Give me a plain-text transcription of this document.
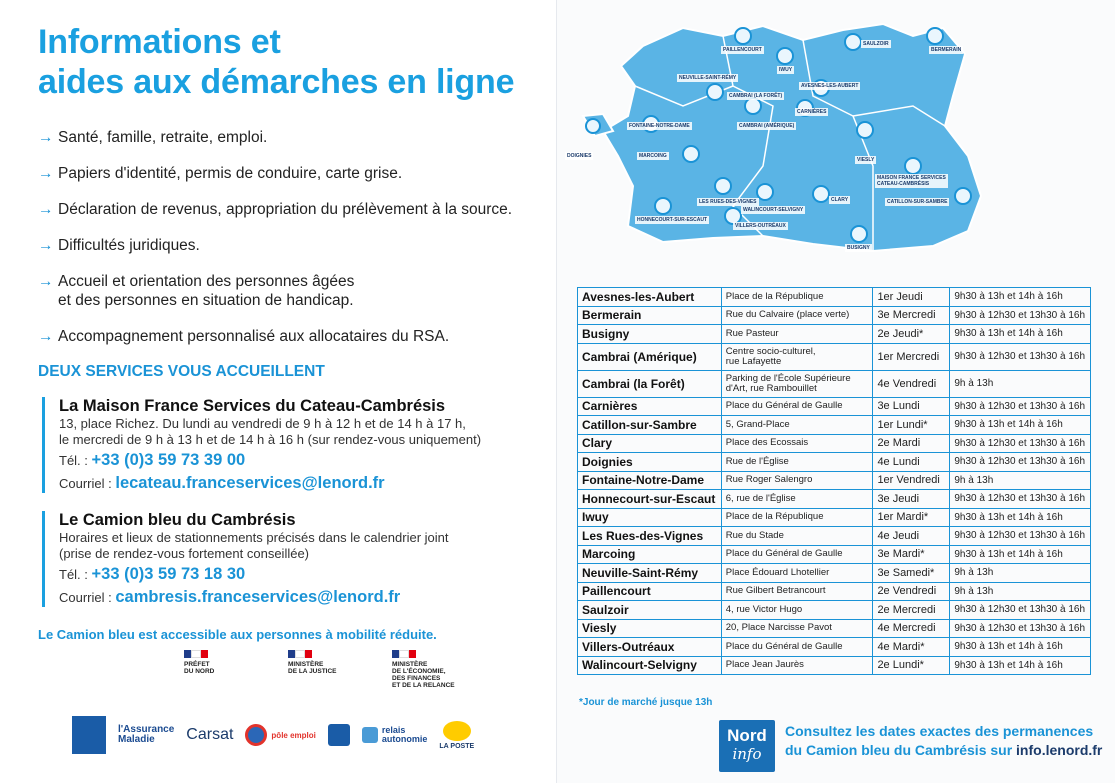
Informations et
aides aux démarches en ligne
→ Santé, famille, retraite, emploi.
→ Papiers d'identité, permis de conduire, carte grise.
→ Déclaration de revenus, appropriation du prélèvement à la source.
→ Difficultés juridiques.
→ Accueil et orientation des personnes âgées
et des personnes en situation de handicap.
→ Accompagnement personnalisé aux allocataires du RSA.
DEUX SERVICES VOUS ACCUEILLENT
La Maison France Services du Cateau-Cambrésis
13, place Richez. Du lundi au vendredi de 9 h à 12 h et de 14 h à 17 h,
le mercredi de 9 h à 13 h et de 14 h à 16 h (sur rendez-vous uniquement)
Tél. : +33 (0)3 59 73 39 00
Courriel : lecateau.franceservices@lenord.fr
Le Camion bleu du Cambrésis
Horaires et lieux de stationnements précisés dans le calendrier joint
(prise de rendez-vous fortement conseillée)
Tél. : +33 (0)3 59 73 18 30
Courriel : cambresis.franceservices@lenord.fr
Le Camion bleu est accessible aux personnes à mobilité réduite.
PRÉFET
DU NORD
MINISTÈRE
DE LA JUSTICE
MINISTÈRE
DE L'ÉCONOMIE,
DES FINANCES
ET DE LA RELANCE
l'Assurance
Maladie	Carsat	pôle emploi	relais
autonomie
LA POSTE
PAILLENCOURT
IWUY
SAULZOIR
BERMERAIN
NEUVILLE-SAINT-RÉMY
AVESNES-LES-AUBERT
CAMBRAI (LA FORÊT)
CARNIÈRES
FONTAINE-NOTRE-DAME	CAMBRAI (AMÉRIQUE)
VIESLY
DOIGNIES	MARCOING
MAISON FRANCE SERVICES
CATEAU-CAMBRÉSIS
LES RUES-DES-VIGNES	CLARY	CATILLON-SUR-SAMBRE
WALINCOURT-SELVIGNY
HONNECOURT-SUR-ESCAUT
VILLERS-OUTRÉAUX
BUSIGNY
Avesnes-les-Aubert	Place de la République	1er Jeudi	9h30 à 13h et 14h à 16h
Bermerain	Rue du Calvaire (place verte)	3e Mercredi	9h30 à 12h30 et 13h30 à 16h
Busigny	Rue Pasteur	2e Jeudi*	9h30 à 13h et 14h à 16h
Cambrai (Amérique)	Centre socio-culturel,
rue Lafayette	1er Mercredi	9h30 à 12h30 et 13h30 à 16h
Cambrai (la Forêt)	Parking de l'École Supérieure
d'Art, rue Rambouillet	4e Vendredi	9h à 13h
Carnières	Place du Général de Gaulle	3e Lundi	9h30 à 12h30 et 13h30 à 16h
Catillon-sur-Sambre	5, Grand-Place	1er Lundi*	9h30 à 13h et 14h à 16h
Clary	Place des Ecossais	2e Mardi	9h30 à 12h30 et 13h30 à 16h
Doignies	Rue de l'Église	4e Lundi	9h30 à 12h30 et 13h30 à 16h
Fontaine-Notre-Dame	Rue Roger Salengro	1er Vendredi	9h à 13h
Honnecourt-sur-Escaut	6, rue de l'Église	3e Jeudi	9h30 à 12h30 et 13h30 à 16h
Iwuy	Place de la République	1er Mardi*	9h30 à 13h et 14h à 16h
Les Rues-des-Vignes	Rue du Stade	4e Jeudi	9h30 à 12h30 et 13h30 à 16h
Marcoing	Place du Général de Gaulle	3e Mardi*	9h30 à 13h et 14h à 16h
Neuville-Saint-Rémy	Place Édouard Lhotellier	3e Samedi*	9h à 13h
Paillencourt	Rue Gilbert Betrancourt	2e Vendredi	9h à 13h
Saulzoir	4, rue Victor Hugo	2e Mercredi	9h30 à 12h30 et 13h30 à 16h
Viesly	20, Place Narcisse Pavot	4e Mercredi	9h30 à 12h30 et 13h30 à 16h
Villers-Outréaux	Place du Général de Gaulle	4e Mardi*	9h30 à 13h et 14h à 16h
Walincourt-Selvigny	Place Jean Jaurès	2e Lundi*	9h30 à 13h et 14h à 16h
*Jour de marché jusque 13h
Nord
info
Consultez les dates exactes des permanences du Camion bleu du Cambrésis sur info.lenord.fr
